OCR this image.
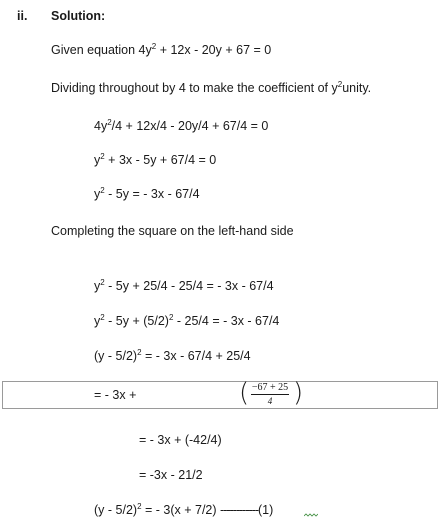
ii. Solution:
Given equation $4y^2 + 12x - 20y + 67 = 0$
Dividing throughout by 4 to make the coefficient of $y^2unity$.
$4y^2/4 + 12x/4 - 20y/4 + 67/4 = 0$
$y^2 + 3x - 5y + 67/4 = 0$
$y^2 - 5y$ = - 3x - 67/4
Completing the square on the left-hand side
$y^2 - 5y + 25/4 - 25/4$ = - 3x - 67/4
$y^2 - 5y + (5/2)^2 - 25/4$ = - 3x - 67/4
(y - 5/2)$^2$ = - 3x - 67/4 + 25/4
= - 3x +	( −67 + 25
4 )
= - 3x + (-42/4)
= -3x - 21/2
(y - 5/2)$^2$ = - 3(x + 7/2) ------------(1)
